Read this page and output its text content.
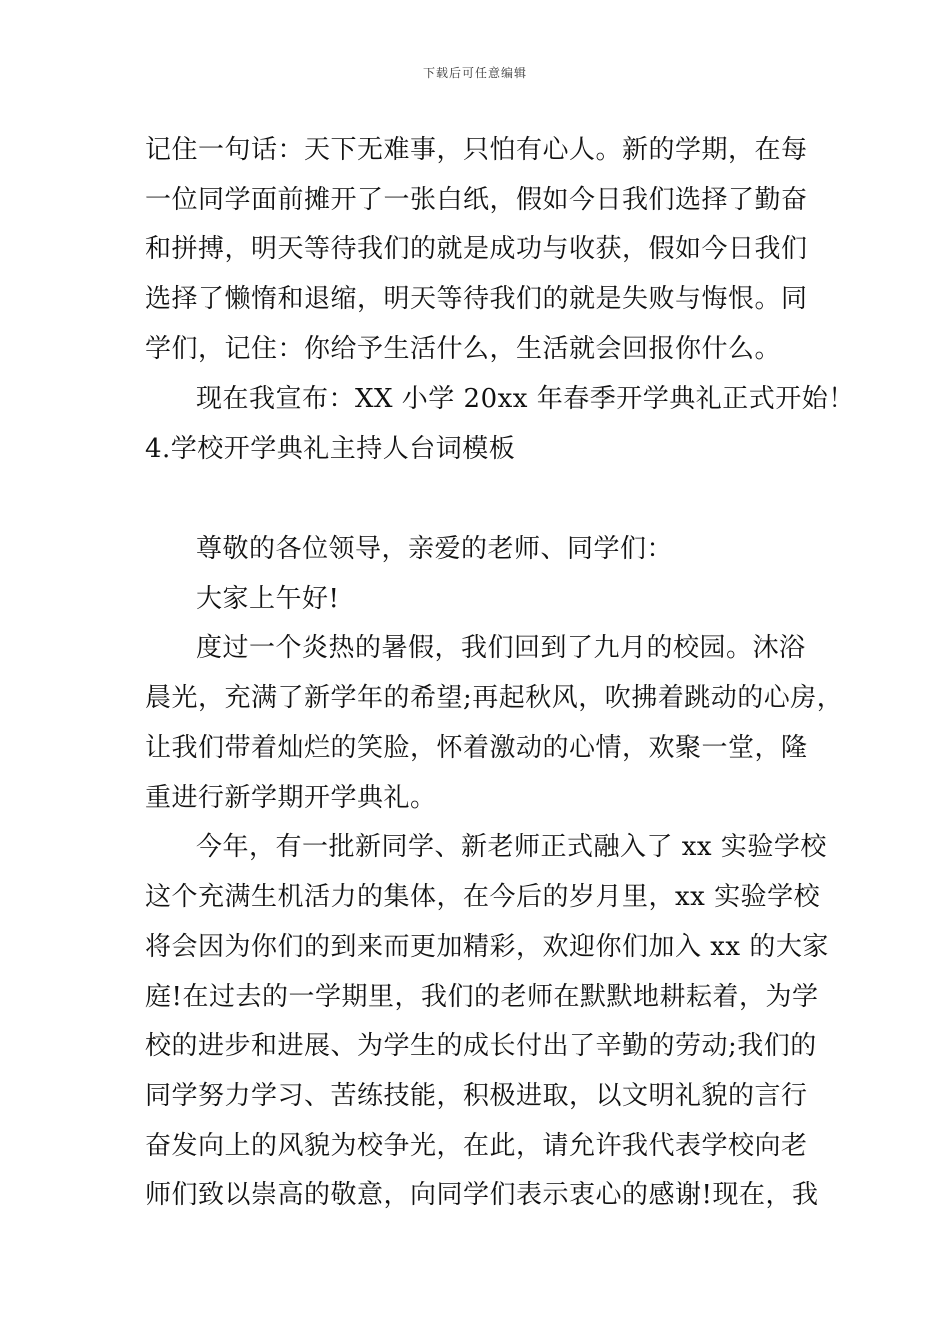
下载后可任意编辑
记住一句话：天下无难事，只怕有心人。新的学期，在每
一位同学面前摊开了一张白纸，假如今日我们选择了勤奋
和拼搏，明天等待我们的就是成功与收获，假如今日我们
选择了懒惰和退缩，明天等待我们的就是失败与悔恨。同
学们，记住：你给予生活什么，生活就会回报你什么。
现在我宣布：XX 小学 20xx 年春季开学典礼正式开始！
4.学校开学典礼主持人台词模板
尊敬的各位领导，亲爱的老师、同学们：
大家上午好!
度过一个炎热的暑假，我们回到了九月的校园。沐浴
晨光，充满了新学年的希望;再起秋风，吹拂着跳动的心房，
让我们带着灿烂的笑脸，怀着激动的心情，欢聚一堂，隆
重进行新学期开学典礼。
今年，有一批新同学、新老师正式融入了 xx 实验学校
这个充满生机活力的集体，在今后的岁月里，xx 实验学校
将会因为你们的到来而更加精彩，欢迎你们加入 xx 的大家
庭!在过去的一学期里，我们的老师在默默地耕耘着，为学
校的进步和进展、为学生的成长付出了辛勤的劳动;我们的
同学努力学习、苦练技能，积极进取，以文明礼貌的言行
奋发向上的风貌为校争光，在此，请允许我代表学校向老
师们致以崇高的敬意，向同学们表示衷心的感谢!现在，我
